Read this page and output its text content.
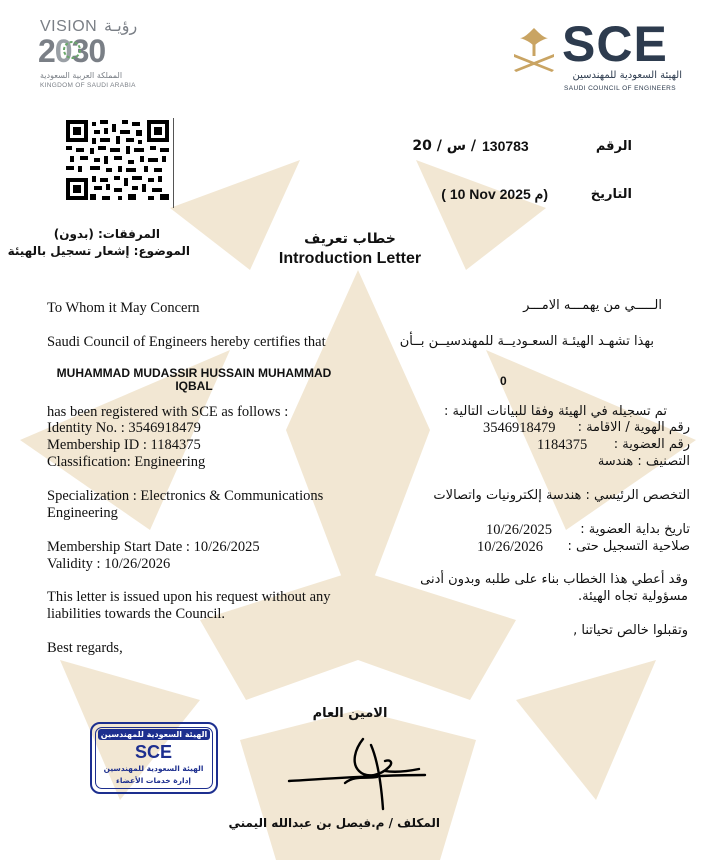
VISION رؤيـة
2030
المملكة العربية السعودية
KINGDOM OF SAUDI ARABIA
SCE
الهيئة السعودية للمهندسين
SAUDI COUNCIL OF ENGINEERS
الرقم
130783
/ س / 20
التاريخ
( 10 Nov 2025 م)
المرفقات: (بدون)
الموضوع: إشعار تسجيل بالهيئة
خطاب تعريف
Introduction Letter
To Whom it May Concern
Saudi Council of Engineers hereby certifies that
MUHAMMAD MUDASSIR HUSSAIN MUHAMMAD IQBAL
has been registered with SCE as follows :
Identity No. : 3546918479
Membership ID : 1184375
Classification: Engineering
Specialization : Electronics & Communications Engineering
Membership Start Date : 10/26/2025
Validity : 10/26/2026
This letter is issued upon his request without any liabilities towards the Council.
Best regards,
الـــــي من يهمـــه الامـــر
بهذا تشهـد الهيئـة السعـوديــة للمهندسيــن بــأن
0
تم تسجيله في الهيئة وفقا للبيانات التالية :
رقم الهوية / الاقامة :
3546918479
رقم العضوية :
1184375
التصنيف : هندسة
التخصص الرئيسي : هندسة إلكترونيات واتصالات
تاريخ بداية العضوية :
10/26/2025
صلاحية التسجيل حتى :
10/26/2026
وقد أعطي هذا الخطاب بناء على طلبه وبدون أدنى مسؤولية تجاه الهيئة.
وتقبلوا خالص تحياتنا ,
الامين العام
المكلف / م.فيصل بن عبدالله اليمني
الهيئة السعودية للمهندسين
SCE
الهيئة السعودية للمهندسين
إدارة خدمات الأعضاء
